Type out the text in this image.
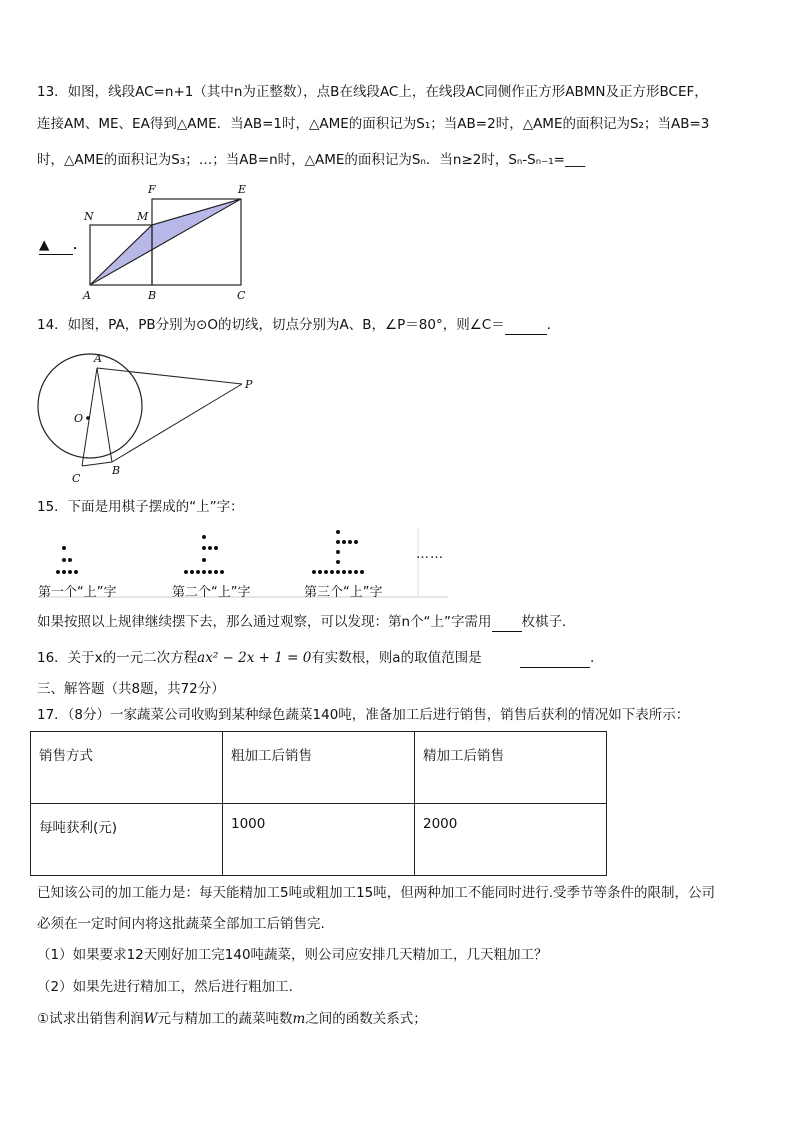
13．如图，线段AC=n+1（其中n为正整数），点B在线段AC上，在线段AC同侧作正方形ABMN及正方形BCEF，
连接AM、ME、EA得到△AME．当AB=1时，△AME的面积记为S₁；当AB=2时，△AME的面积记为S₂；当AB=3
时，△AME的面积记为S₃；…；当AB=n时，△AME的面积记为Sₙ．当n≥2时，Sₙ-Sₙ₋₁=___
N	M
F	E
A	B	C
▲ ．
14．如图，PA，PB分别为⊙O的切线，切点分别为A、B，∠P＝80°，则∠C＝	．
A
O
P
C
B
15．下面是用棋子摆成的“上”字：
……
第一个“上”字	第二个“上”字	第三个“上”字
如果按照以上规律继续摆下去，那么通过观察，可以发现：第n个“上”字需用 枚棋子．
16．关于x的一元二次方程ax² − 2x + 1 = 0有实数根，则a的取值范围是	.
三、解答题（共8题，共72分）
17．（8分）一家蔬菜公司收购到某种绿色蔬菜140吨，准备加工后进行销售，销售后获利的情况如下表所示：
销售方式	粗加工后销售	精加工后销售
每吨获利(元)	1000	2000
已知该公司的加工能力是：每天能精加工5吨或粗加工15吨，但两种加工不能同时进行.受季节等条件的限制，公司
必须在一定时间内将这批蔬菜全部加工后销售完.
（1）如果要求12天刚好加工完140吨蔬菜，则公司应安排几天精加工，几天粗加工？
（2）如果先进行精加工，然后进行粗加工.
①试求出销售利润W元与精加工的蔬菜吨数m之间的函数关系式；
